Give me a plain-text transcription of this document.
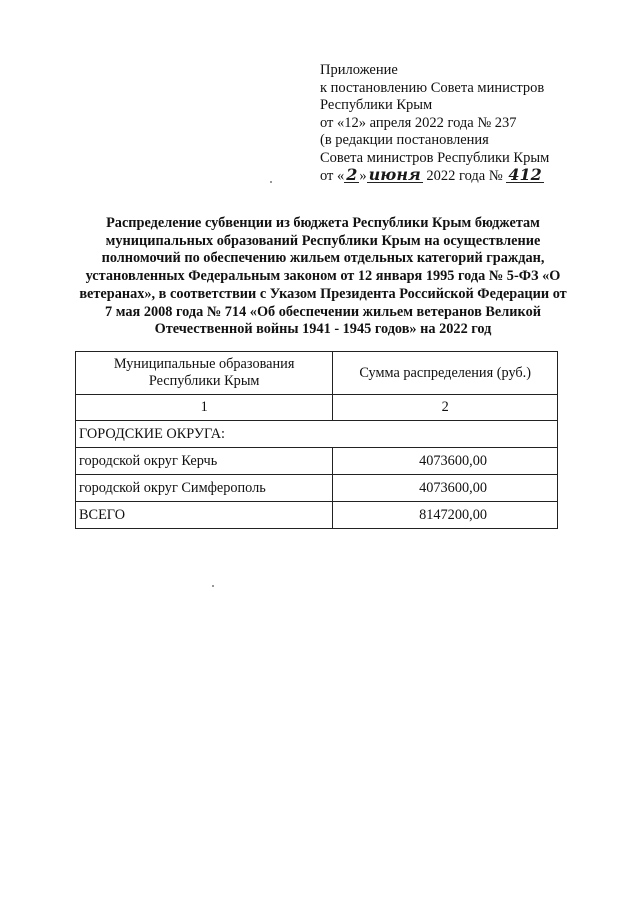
Приложение
к постановлению Совета министров
Республики Крым
от «12» апреля 2022 года № 237
(в редакции постановления
Совета министров Республики Крым
от « 2 » июня 2022 года № 412
Распределение субвенции из бюджета Республики Крым бюджетам муниципальных образований Республики Крым на осуществление полномочий по обеспечению жильем отдельных категорий граждан, установленных Федеральным законом от 12 января 1995 года № 5-ФЗ «О ветеранах», в соответствии с Указом Президента Российской Федерации от 7 мая 2008 года № 714 «Об обеспечении жильем ветеранов Великой Отечественной войны 1941 - 1945 годов» на 2022 год
Муниципальные образования Республики Крым	Сумма распределения (руб.)
1	2
ГОРОДСКИЕ ОКРУГА:	
городской округ Керчь	4073600,00
городской округ Симферополь	4073600,00
ВСЕГО	8147200,00
